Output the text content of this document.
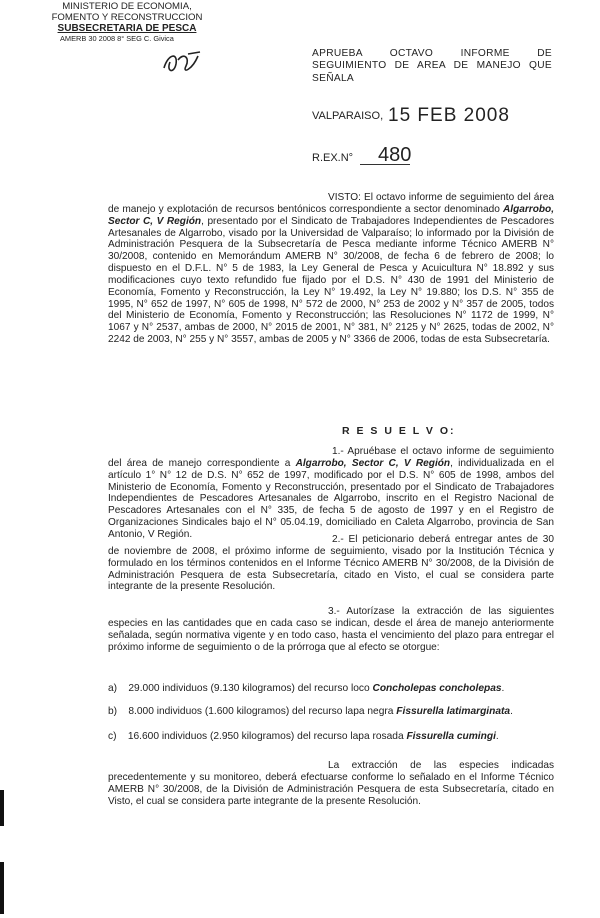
MINISTERIO DE ECONOMIA,
FOMENTO Y RECONSTRUCCION
SUBSECRETARIA DE PESCA
AMERB 30 2008 8° SEG C. Givica
APRUEBA OCTAVO INFORME DE
SEGUIMIENTO DE AREA DE MANEJO QUE
SEÑALA
VALPARAISO, 15 FEB 2008
R.EX.N° 480
VISTO: El octavo informe de seguimiento del área de manejo y explotación de recursos bentónicos correspondiente a sector denominado Algarrobo, Sector C, V Región, presentado por el Sindicato de Trabajadores Independientes de Pescadores Artesanales de Algarrobo, visado por la Universidad de Valparaíso; lo informado por la División de Administración Pesquera de la Subsecretaría de Pesca mediante informe Técnico AMERB N° 30/2008, contenido en Memorándum AMERB N° 30/2008, de fecha 6 de febrero de 2008; lo dispuesto en el D.F.L. N° 5 de 1983, la Ley General de Pesca y Acuicultura N° 18.892 y sus modificaciones cuyo texto refundido fue fijado por el D.S. N° 430 de 1991 del Ministerio de Economía, Fomento y Reconstrucción, la Ley N° 19.492, la Ley N° 19.880; los D.S. N° 355 de 1995, N° 652 de 1997, N° 605 de 1998, N° 572 de 2000, N° 253 de 2002 y N° 357 de 2005, todos del Ministerio de Economía, Fomento y Reconstrucción; las Resoluciones N° 1172 de 1999, N° 1067 y N° 2537, ambas de 2000, N° 2015 de 2001, N° 381, N° 2125 y N° 2625, todas de 2002, N° 2242 de 2003, N° 255 y N° 3557, ambas de 2005 y N° 3366 de 2006, todas de esta Subsecretaría.
R E S U E L V O:
1.- Apruébase el octavo informe de seguimiento del área de manejo correspondiente a Algarrobo, Sector C, V Región, individualizada en el artículo 1° N° 12 de D.S. N° 652 de 1997, modificado por el D.S. N° 605 de 1998, ambos del Ministerio de Economía, Fomento y Reconstrucción, presentado por el Sindicato de Trabajadores Independientes de Pescadores Artesanales de Algarrobo, inscrito en el Registro Nacional de Pescadores Artesanales con el N° 335, de fecha 5 de agosto de 1997 y en el Registro de Organizaciones Sindicales bajo el N° 05.04.19, domiciliado en Caleta Algarrobo, provincia de San Antonio, V Región.	2.- El peticionario deberá entregar antes de 30 de noviembre de 2008, el próximo informe de seguimiento, visado por la Institución Técnica y formulado en los términos contenidos en el Informe Técnico AMERB N° 30/2008, de la División de Administración Pesquera de esta Subsecretaría, citado en Visto, el cual se considera parte integrante de la presente Resolución.
3.- Autorízase la extracción de las siguientes especies en las cantidades que en cada caso se indican, desde el área de manejo anteriormente señalada, según normativa vigente y en todo caso, hasta el vencimiento del plazo para entregar el próximo informe de seguimiento o de la prórroga que al efecto se otorgue:
a) 29.000 individuos (9.130 kilogramos) del recurso loco Concholepas concholepas.
b) 8.000 individuos (1.600 kilogramos) del recurso lapa negra Fissurella latimarginata.
c) 16.600 individuos (2.950 kilogramos) del recurso lapa rosada Fissurella cumingi.
La extracción de las especies indicadas precedentemente y su monitoreo, deberá efectuarse conforme lo señalado en el Informe Técnico AMERB N° 30/2008, de la División de Administración Pesquera de esta Subsecretaría, citado en Visto, el cual se considera parte integrante de la presente Resolución.
